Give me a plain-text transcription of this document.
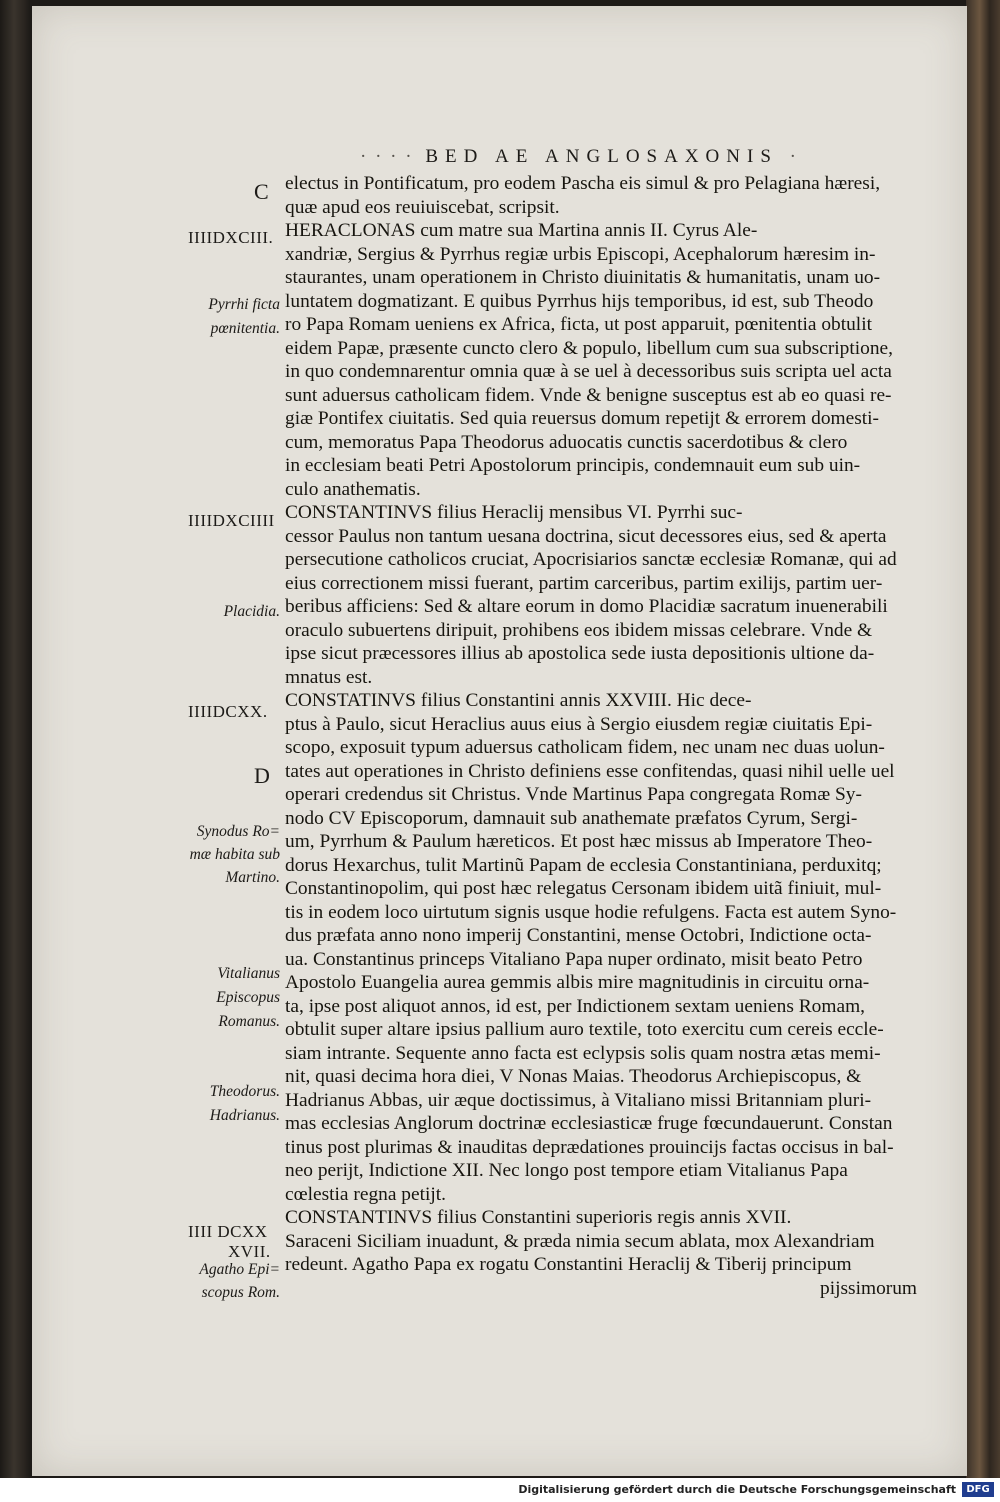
· · · · BED AE ANGLOSAXONIS ·
C
D
IIIIDXCIII.
IIIIDXCIIII
IIIIDCXX.
IIII DCXX
XVII.
Pyrrhi ficta
pœnitentia.
Placidia.
Synodus Ro=
mæ habita sub
Martino.
Vitalianus
Episcopus
Romanus.
Theodorus.
Hadrianus.
Agatho Epi=
scopus Rom.
electus in Pontificatum, pro eodem Pascha eis simul & pro Pelagiana hæresi,
quæ apud eos reuiuiscebat, scripsit.
HERACLONAS cum matre sua Martina annis II. Cyrus Ale-
xandriæ, Sergius & Pyrrhus regiæ urbis Episcopi, Acephalorum hæresim in-
staurantes, unam operationem in Christo diuinitatis & humanitatis, unam uo-
luntatem dogmatizant. E quibus Pyrrhus hijs temporibus, id est, sub Theodo
ro Papa Romam ueniens ex Africa, ficta, ut post apparuit, pœnitentia obtulit
eidem Papæ, præsente cuncto clero & populo, libellum cum sua subscriptione,
in quo condemnarentur omnia quæ à se uel à decessoribus suis scripta uel acta
sunt aduersus catholicam fidem. Vnde & benigne susceptus est ab eo quasi re-
giæ Pontifex ciuitatis. Sed quia reuersus domum repetijt & errorem domesti-
cum, memoratus Papa Theodorus aduocatis cunctis sacerdotibus & clero
in ecclesiam beati Petri Apostolorum principis, condemnauit eum sub uin-
culo anathematis.
CONSTANTINVS filius Heraclij mensibus VI. Pyrrhi suc-
cessor Paulus non tantum uesana doctrina, sicut decessores eius, sed & aperta
persecutione catholicos cruciat, Apocrisiarios sanctæ ecclesiæ Romanæ, qui ad
eius correctionem missi fuerant, partim carceribus, partim exilijs, partim uer-
beribus afficiens: Sed & altare eorum in domo Placidiæ sacratum inuenerabili
oraculo subuertens diripuit, prohibens eos ibidem missas celebrare. Vnde &
ipse sicut præcessores illius ab apostolica sede iusta depositionis ultione da-
mnatus est.
CONSTATINVS filius Constantini annis XXVIII. Hic dece-
ptus à Paulo, sicut Heraclius auus eius à Sergio eiusdem regiæ ciuitatis Epi-
scopo, exposuit typum aduersus catholicam fidem, nec unam nec duas uolun-
tates aut operationes in Christo definiens esse confitendas, quasi nihil uelle uel
operari credendus sit Christus. Vnde Martinus Papa congregata Romæ Sy-
nodo CV Episcoporum, damnauit sub anathemate præfatos Cyrum, Sergi-
um, Pyrrhum & Paulum hæreticos. Et post hæc missus ab Imperatore Theo-
dorus Hexarchus, tulit Martinũ Papam de ecclesia Constantiniana, perduxitq;
Constantinopolim, qui post hæc relegatus Cersonam ibidem uitã finiuit, mul-
tis in eodem loco uirtutum signis usque hodie refulgens. Facta est autem Syno-
dus præfata anno nono imperij Constantini, mense Octobri, Indictione octa-
ua. Constantinus princeps Vitaliano Papa nuper ordinato, misit beato Petro
Apostolo Euangelia aurea gemmis albis mire magnitudinis in circuitu orna-
ta, ipse post aliquot annos, id est, per Indictionem sextam ueniens Romam,
obtulit super altare ipsius pallium auro textile, toto exercitu cum cereis eccle-
siam intrante. Sequente anno facta est eclypsis solis quam nostra ætas memi-
nit, quasi decima hora diei, V Nonas Maias. Theodorus Archiepiscopus, &
Hadrianus Abbas, uir æque doctissimus, à Vitaliano missi Britanniam pluri-
mas ecclesias Anglorum doctrinæ ecclesiasticæ fruge fœcundauerunt. Constan
tinus post plurimas & inauditas deprædationes prouincijs factas occisus in bal-
neo perijt, Indictione XII. Nec longo post tempore etiam Vitalianus Papa
cœlestia regna petijt.
CONSTANTINVS filius Constantini superioris regis annis XVII.
Saraceni Siciliam inuadunt, & præda nimia secum ablata, mox Alexandriam
redeunt. Agatho Papa ex rogatu Constantini Heraclij & Tiberij principum
pijssimorum
Digitalisierung gefördert durch die Deutsche Forschungsgemeinschaft	DFG
